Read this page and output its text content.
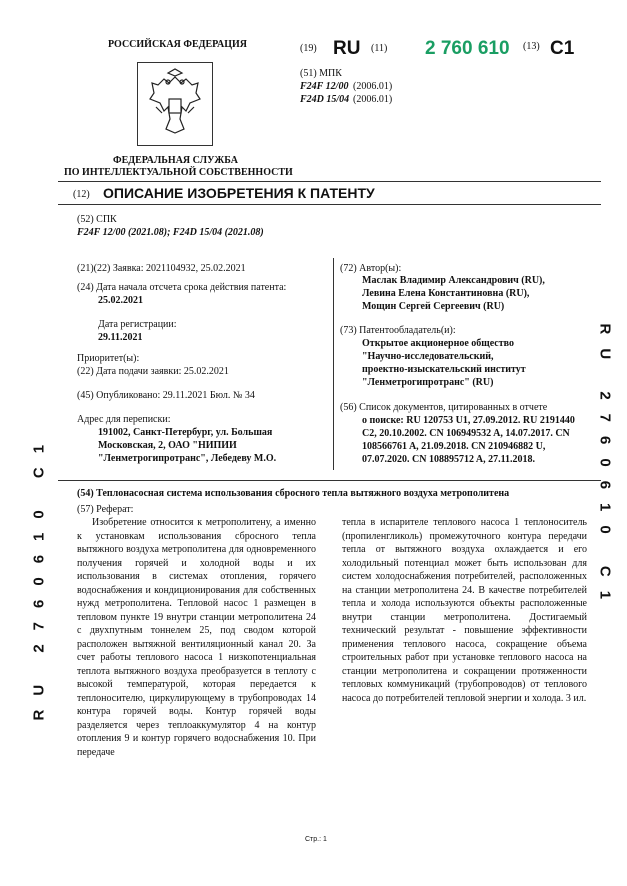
РОССИЙСКАЯ ФЕДЕРАЦИЯ
ФЕДЕРАЛЬНАЯ СЛУЖБА
ПО ИНТЕЛЛЕКТУАЛЬНОЙ СОБСТВЕННОСТИ
(19) RU (11) 2 760 610 (13) C1
(51) МПК
F24F 12/00 (2006.01)
F24D 15/04 (2006.01)
(12) ОПИСАНИЕ ИЗОБРЕТЕНИЯ К ПАТЕНТУ
(52) СПК
F24F 12/00 (2021.08); F24D 15/04 (2021.08)
(21)(22) Заявка: 2021104932, 25.02.2021
(24) Дата начала отсчета срока действия патента:
25.02.2021
Дата регистрации:
29.11.2021
Приоритет(ы):
(22) Дата подачи заявки: 25.02.2021
(45) Опубликовано: 29.11.2021 Бюл. № 34
Адрес для переписки:
191002, Санкт-Петербург, ул. Большая
Московская, 2, ОАО "НИПИИ
"Ленметрогипротранс", Лебедеву М.О.
(72) Автор(ы):
Маслак Владимир Александрович (RU),
Левина Елена Константиновна (RU),
Мощин Сергей Сергеевич (RU)
(73) Патентообладатель(и):
Открытое акционерное общество
"Научно-исследовательский,
проектно-изыскательский институт
"Ленметрогипротранс" (RU)
(56) Список документов, цитированных в отчете
о поиске: RU 120753 U1, 27.09.2012. RU 2191440
C2, 20.10.2002. CN 106949532 A, 14.07.2017. CN
108566761 A, 21.09.2018. CN 210946882 U,
07.07.2020. CN 108895712 A, 27.11.2018.
(54) Теплонасосная система использования сбросного тепла вытяжного воздуха метрополитена
(57) Реферат:
Изобретение относится к метрополитену, а именно к установкам использования сбросного тепла вытяжного воздуха метрополитена для одновременного получения горячей и холодной воды и их использования в системах отопления, горячего водоснабжения и кондиционирования для собственных нужд метрополитена. Тепловой насос 1 размещен в тепловом пункте 19 внутри станции метрополитена 24 с двухпутным тоннелем 25, под сводом которой расположен вытяжной вентиляционный канал 20. За счет работы теплового насоса 1 низкопотенциальная теплота вытяжного воздуха преобразуется в теплоту с высокой температурой, которая передается к теплоносителю, циркулирующему в трубопроводах 14 контура горячей воды. Контур горячей воды разделяется через теплоаккумулятор 4 на контур отопления 9 и контур горячего водоснабжения 10. При передаче
тепла в испарителе теплового насоса 1 теплоноситель (пропиленгликоль) промежуточного контура передачи тепла от вытяжного воздуха охлаждается и его холодильный потенциал может быть использован для систем холодоснабжения потребителей, расположенных на станции метрополитена 24. В качестве потребителей тепла и холода используются объекты расположенные внутри станции метрополитена. Достигаемый технический результат - повышение эффективности применения теплового насоса, сокращение объема строительных работ при установке теплового насоса на станции метрополитена и сокращении протяженности тепловых коммуникаций (трубопроводов) от теплового насоса до потребителей тепловой энергии и холода. 3 ил.
RU 2760610 C1	RU 2760610 C1
Стр.: 1
